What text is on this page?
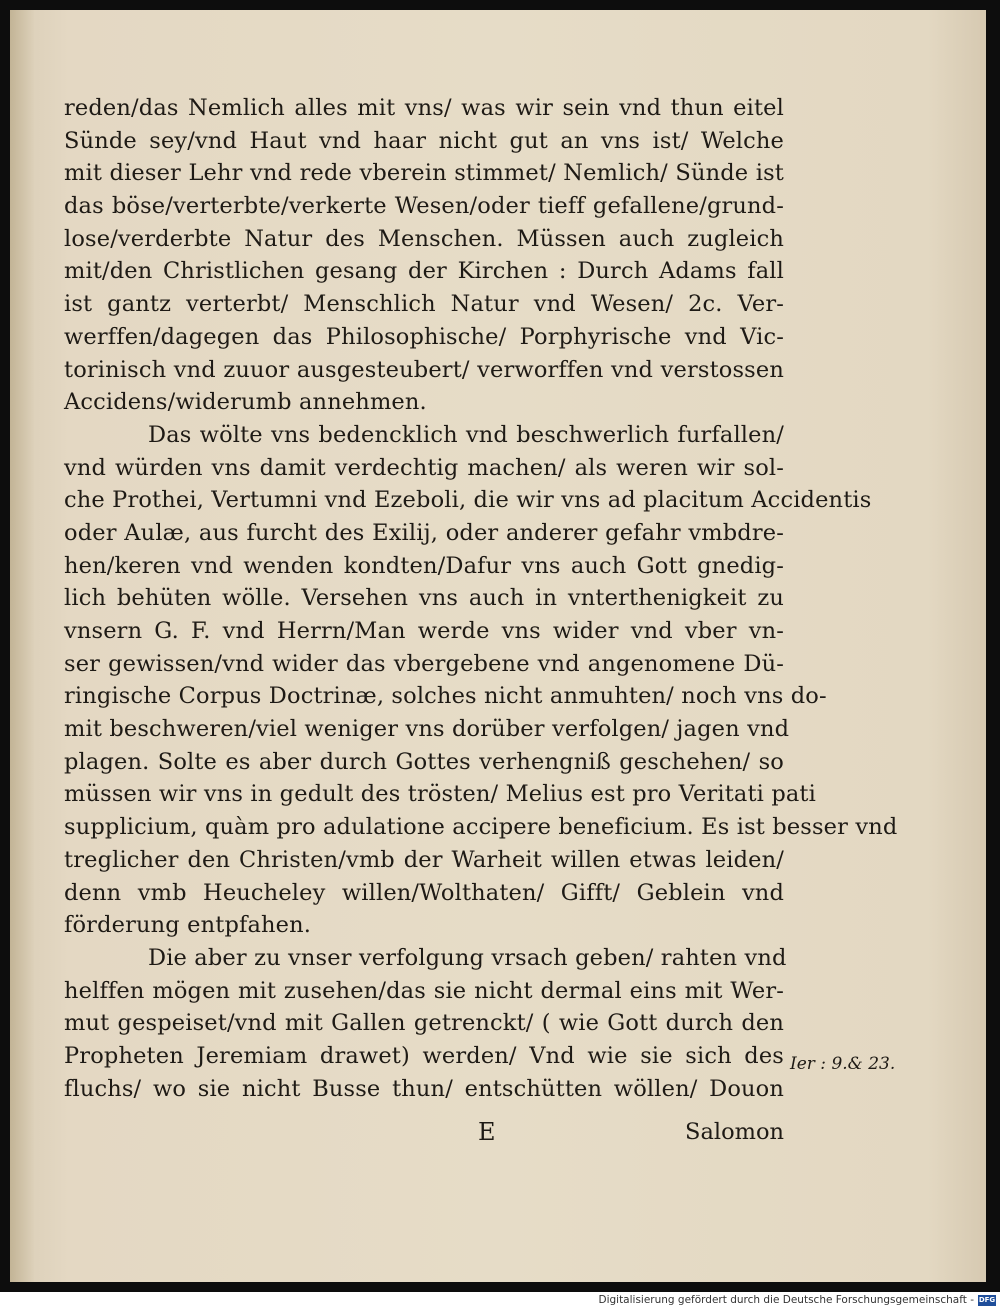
reden/das Nemlich alles mit vns/ was wir sein vnd thun eitel
Sünde sey/vnd Haut vnd haar nicht gut an vns ist/ Welche
mit dieser Lehr vnd rede vberein stimmet/ Nemlich/ Sünde ist
das böse/verterbte/verkerte Wesen/oder tieff gefallene/grund-
lose/verderbte Natur des Menschen. Müssen auch zugleich
mit/den Christlichen gesang der Kirchen : Durch Adams fall
ist gantz verterbt/ Menschlich Natur vnd Wesen/ 2c. Ver-
werffen/dagegen das Philosophische/ Porphyrische vnd Vic-
torinisch vnd zuuor ausgesteubert/ verworffen vnd verstossen
Accidens/widerumb annehmen.
Das wölte vns bedencklich vnd beschwerlich furfallen/
vnd würden vns damit verdechtig machen/ als weren wir sol-
che Prothei, Vertumni vnd Ezeboli, die wir vns ad placitum Accidentis
oder Aulæ, aus furcht des Exilij, oder anderer gefahr vmbdre-
hen/keren vnd wenden kondten/Dafur vns auch Gott gnedig-
lich behüten wölle. Versehen vns auch in vnterthenigkeit zu
vnsern G. F. vnd Herrn/Man werde vns wider vnd vber vn-
ser gewissen/vnd wider das vbergebene vnd angenomene Dü-
ringische Corpus Doctrinæ, solches nicht anmuhten/ noch vns do-
mit beschweren/viel weniger vns dorüber verfolgen/ jagen vnd
plagen. Solte es aber durch Gottes verhengniß geschehen/ so
müssen wir vns in gedult des trösten/ Melius est pro Veritati pati
supplicium, quàm pro adulatione accipere beneficium. Es ist besser vnd
treglicher den Christen/vmb der Warheit willen etwas leiden/
denn vmb Heucheley willen/Wolthaten/ Gifft/ Geblein vnd
förderung entpfahen.
Die aber zu vnser verfolgung vrsach geben/ rahten vnd
helffen mögen mit zusehen/das sie nicht dermal eins mit Wer-
mut gespeiset/vnd mit Gallen getrenckt/ ( wie Gott durch den
Propheten Jeremiam drawet) werden/ Vnd wie sie sich des
fluchs/ wo sie nicht Busse thun/ entschütten wöllen/ Douon
Ier : 9.& 23.
E	Salomon
Digitalisierung gefördert durch die Deutsche Forschungsgemeinschaft - DFG
